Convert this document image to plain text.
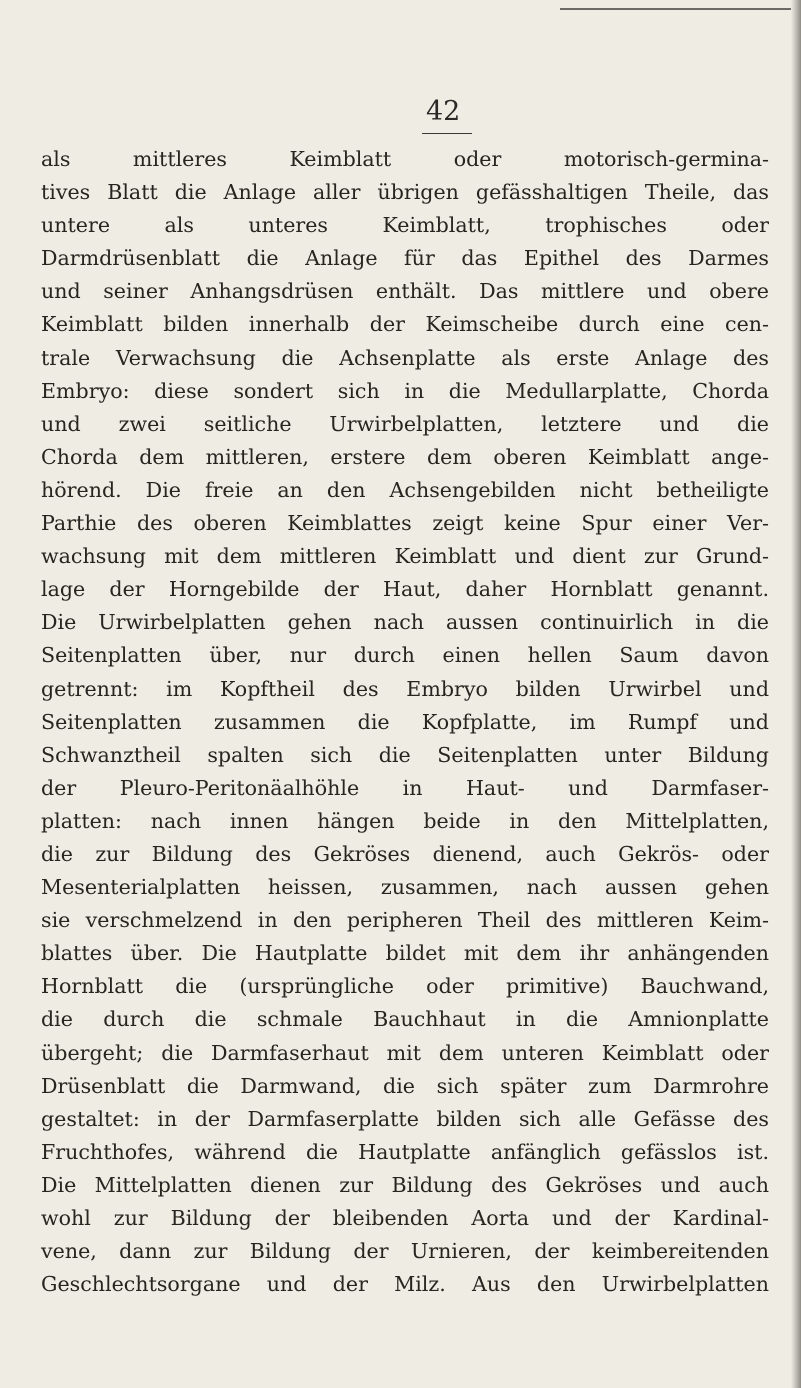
42
als mittleres Keimblatt oder motorisch-germina-
tives Blatt die Anlage aller übrigen gefässhaltigen Theile, das
untere als unteres Keimblatt, trophisches oder
Darmdrüsenblatt die Anlage für das Epithel des Darmes
und seiner Anhangsdrüsen enthält. Das mittlere und obere
Keimblatt bilden innerhalb der Keimscheibe durch eine cen-
trale Verwachsung die Achsenplatte als erste Anlage des
Embryo: diese sondert sich in die Medullarplatte, Chorda
und zwei seitliche Urwirbelplatten, letztere und die
Chorda dem mittleren, erstere dem oberen Keimblatt ange-
hörend. Die freie an den Achsengebilden nicht betheiligte
Parthie des oberen Keimblattes zeigt keine Spur einer Ver-
wachsung mit dem mittleren Keimblatt und dient zur Grund-
lage der Horngebilde der Haut, daher Hornblatt genannt.
Die Urwirbelplatten gehen nach aussen continuirlich in die
Seitenplatten über, nur durch einen hellen Saum davon
getrennt: im Kopftheil des Embryo bilden Urwirbel und
Seitenplatten zusammen die Kopfplatte, im Rumpf und
Schwanztheil spalten sich die Seitenplatten unter Bildung
der Pleuro-Peritonäalhöhle in Haut- und Darmfaser-
platten: nach innen hängen beide in den Mittelplatten,
die zur Bildung des Gekröses dienend, auch Gekrös- oder
Mesenterialplatten heissen, zusammen, nach aussen gehen
sie verschmelzend in den peripheren Theil des mittleren Keim-
blattes über. Die Hautplatte bildet mit dem ihr anhängenden
Hornblatt die (ursprüngliche oder primitive) Bauchwand,
die durch die schmale Bauchhaut in die Amnionplatte
übergeht; die Darmfaserhaut mit dem unteren Keimblatt oder
Drüsenblatt die Darmwand, die sich später zum Darmrohre
gestaltet: in der Darmfaserplatte bilden sich alle Gefässe des
Fruchthofes, während die Hautplatte anfänglich gefässlos ist.
Die Mittelplatten dienen zur Bildung des Gekröses und auch
wohl zur Bildung der bleibenden Aorta und der Kardinal-
vene, dann zur Bildung der Urnieren, der keimbereitenden
Geschlechtsorgane und der Milz. Aus den Urwirbelplatten
